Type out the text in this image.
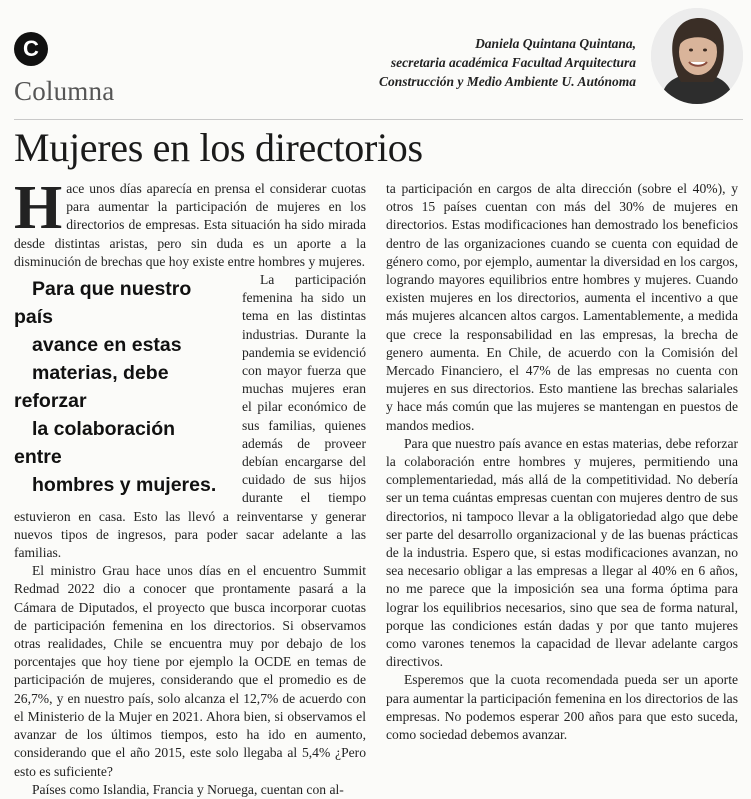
C
Columna
Daniela Quintana Quintana,
secretaria académica Facultad Arquitectura
Construcción y Medio Ambiente U. Autónoma
Mujeres en los directorios

Hace unos días aparecía en prensa el considerar cuotas para aumentar la participación de mujeres en los directorios de empresas. Esta situación ha sido mirada desde distintas aristas, pero sin duda es un aporte a la disminución de brechas que hoy existe entre hombres y mujeres.

Para que nuestro país
avance en estas
materias, debe reforzar
la colaboración entre
hombres y mujeres.
La participación femenina ha sido un tema en las distintas industrias. Durante la pandemia se evidenció con mayor fuerza que muchas mujeres eran el pilar económico de sus familias, quienes además de proveer debían encargarse del cuidado de sus hijos durante el tiempo estuvieron en casa. Esto las llevó a reinventarse y generar nuevos tipos de ingresos, para poder sacar adelante a las familias.

El ministro Grau hace unos días en el encuentro Summit Redmad 2022 dio a conocer que prontamente pasará a la Cámara de Diputados, el proyecto que busca incorporar cuotas de participación femenina en los directorios. Si observamos otras realidades, Chile se encuentra muy por debajo de los porcentajes que hoy tiene por ejemplo la OCDE en temas de participación de mujeres, considerando que el promedio es de 26,7%, y en nuestro país, solo alcanza el 12,7% de acuerdo con el Ministerio de la Mujer en 2021. Ahora bien, si observamos el avanzar de los últimos tiempos, esto ha ido en aumento, considerando que el año 2015, este solo llegaba al 5,4% ¿Pero esto es suficiente?

Países como Islandia, Francia y Noruega, cuentan con al-

ta participación en cargos de alta dirección (sobre el 40%), y otros 15 países cuentan con más del 30% de mujeres en directorios. Estas modificaciones han demostrado los beneficios dentro de las organizaciones cuando se cuenta con equidad de género como, por ejemplo, aumentar la diversidad en los cargos, logrando mayores equilibrios entre hombres y mujeres. Cuando existen mujeres en los directorios, aumenta el incentivo a que más mujeres alcancen altos cargos. Lamentablemente, a medida que crece la responsabilidad en las empresas, la brecha de genero aumenta. En Chile, de acuerdo con la Comisión del Mercado Financiero, el 47% de las empresas no cuenta con mujeres en sus directorios. Esto mantiene las brechas salariales y hace más común que las mujeres se mantengan en puestos de mandos medios.

Para que nuestro país avance en estas materias, debe reforzar la colaboración entre hombres y mujeres, permitiendo una complementariedad, más allá de la competitividad. No debería ser un tema cuántas empresas cuentan con mujeres dentro de sus directorios, ni tampoco llevar a la obligatoriedad algo que debe ser parte del desarrollo organizacional y de las buenas prácticas de la industria. Espero que, si estas modificaciones avanzan, no sea necesario obligar a las empresas a llegar al 40% en 6 años, no me parece que la imposición sea una forma óptima para lograr los equilibrios necesarios, sino que sea de forma natural, porque las condiciones están dadas y por que tanto mujeres como varones tenemos la capacidad de llevar adelante cargos directivos.

Esperemos que la cuota recomendada pueda ser un aporte para aumentar la participación femenina en los directorios de las empresas. No podemos esperar 200 años para que esto suceda, como sociedad debemos avanzar.
